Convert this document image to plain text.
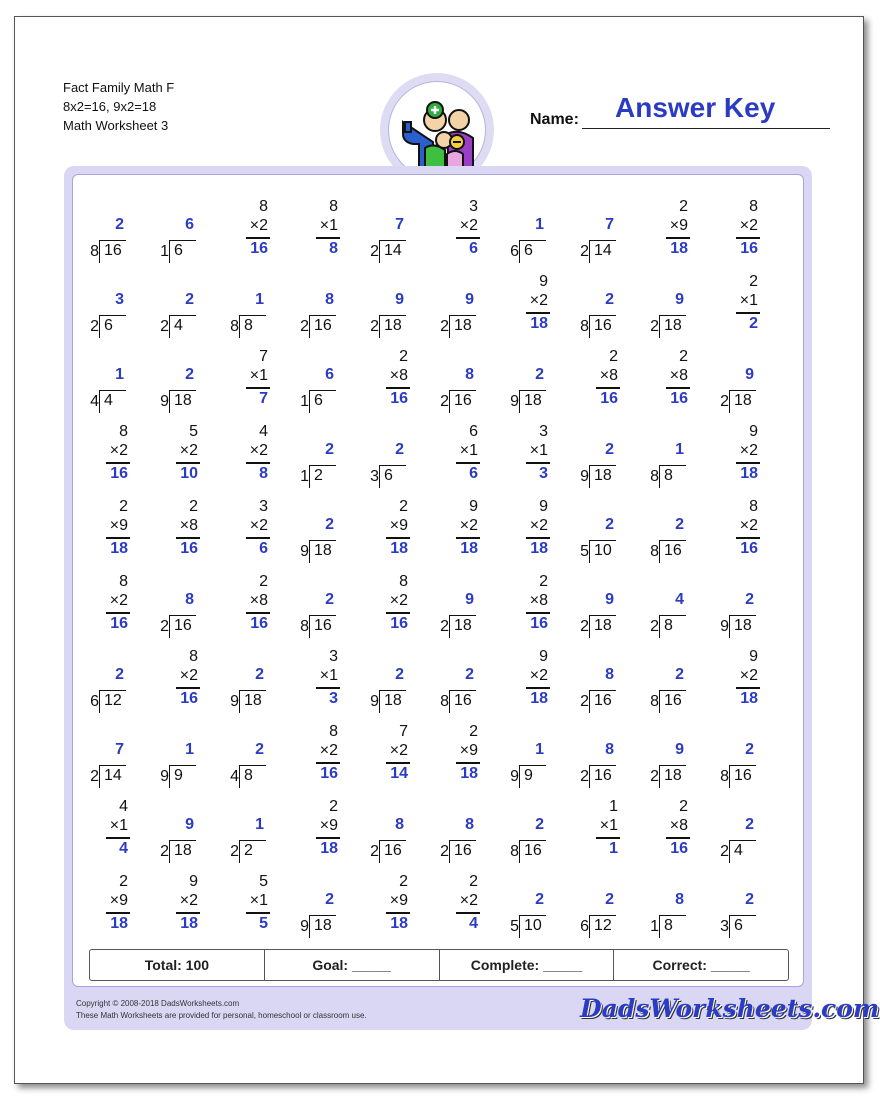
Fact Family Math F
8x2=16, 9x2=18
Math Worksheet 3	Name: Answer Key
2
8 16
6
1 6
8
×2
16
8
×1
8
7
2 14
3
×2
6
1
6 6
7
2 14
2
×9
18
8
×2
16
3
2 6
2
2 4
1
8 8
8
2 16
9
2 18
9
2 18
9
×2
18
2
8 16
9
2 18
2
×1
2
1
4 4
2
9 18
7
×1
7
6
1 6
2
×8
16
8
2 16
2
9 18
2
×8
16
2
×8
16
9
2 18
8
×2
16
5
×2
10
4
×2
8
2
1 2
2
3 6
6
×1
6
3
×1
3
2
9 18
1
8 8
9
×2
18
2
×9
18
2
×8
16
3
×2
6
2
9 18
2
×9
18
9
×2
18
9
×2
18
2
5 10
2
8 16
8
×2
16
8
×2
16
8
2 16
2
×8
16
2
8 16
8
×2
16
9
2 18
2
×8
16
9
2 18
4
2 8
2
9 18
2
6 12
8
×2
16
2
9 18
3
×1
3
2
9 18
2
8 16
9
×2
18
8
2 16
2
8 16
9
×2
18
7
2 14
1
9 9
2
4 8
8
×2
16
7
×2
14
2
×9
18
1
9 9
8
2 16
9
2 18
2
8 16
4
×1
4
9
2 18
1
2 2
2
×9
18
8
2 16
8
2 16
2
8 16
1
×1
1
2
×8
16
2
2 4
2
×9
18
9
×2
18
5
×1
5
2
9 18
2
×9
18
2
×2
4
2
5 10
2
6 12
8
1 8
2
3 6
Total: 100	Goal: _____	Complete: _____	Correct: _____
Copyright © 2008-2018 DadsWorksheets.com
These Math Worksheets are provided for personal, homeschool or classroom use.	DadsWorksheets.com
